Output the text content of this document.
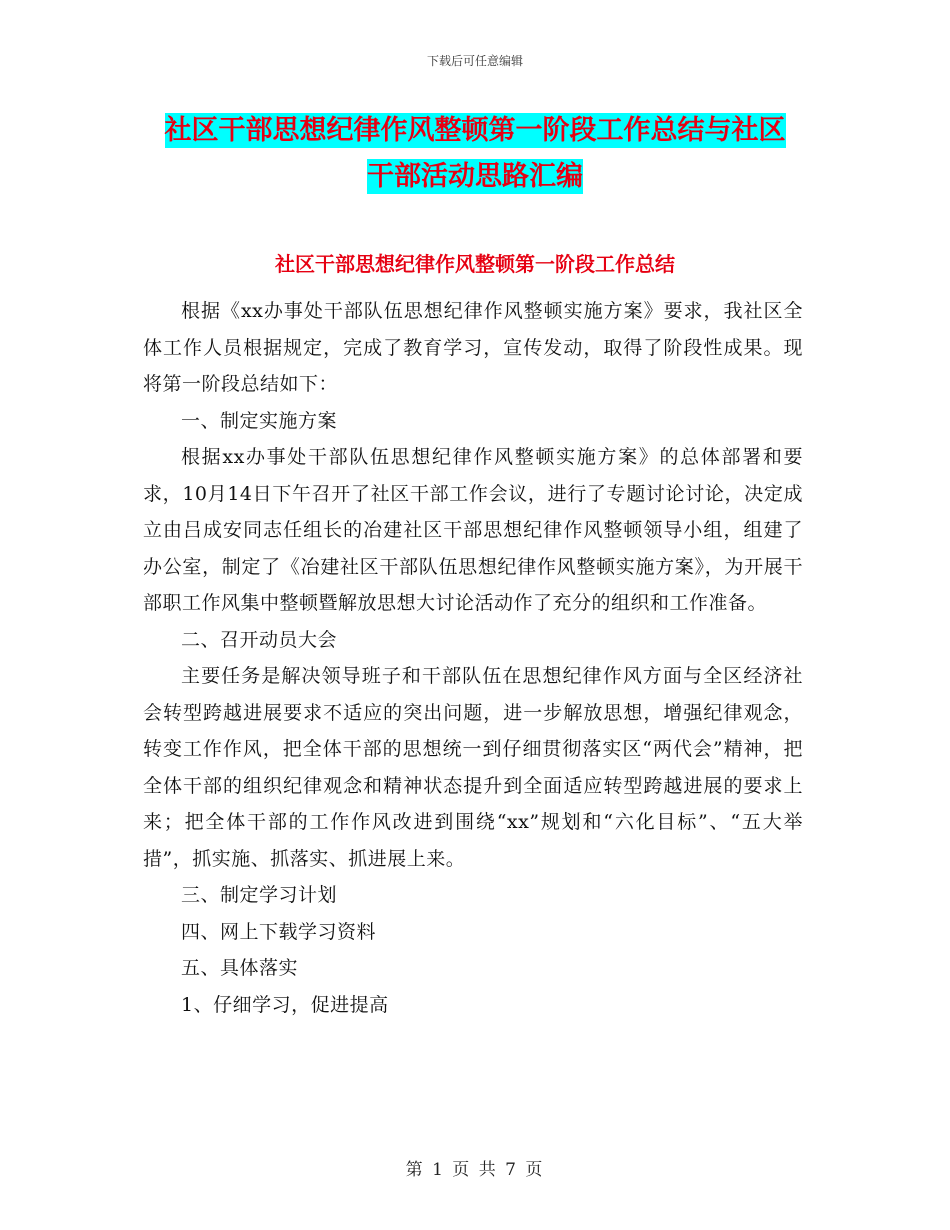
下载后可任意编辑
社区干部思想纪律作风整顿第一阶段工作总结与社区
干部活动思路汇编
社区干部思想纪律作风整顿第一阶段工作总结

根据《xx办事处干部队伍思想纪律作风整顿实施方案》要求，我社区全体工作人员根据规定，完成了教育学习，宣传发动，取得了阶段性成果。现将第一阶段总结如下：

一、制定实施方案

根据xx办事处干部队伍思想纪律作风整顿实施方案》的总体部署和要求，10月14日下午召开了社区干部工作会议，进行了专题讨论讨论，决定成立由吕成安同志任组长的冶建社区干部思想纪律作风整顿领导小组，组建了办公室，制定了《冶建社区干部队伍思想纪律作风整顿实施方案》，为开展干部职工作风集中整顿暨解放思想大讨论活动作了充分的组织和工作准备。

二、召开动员大会

主要任务是解决领导班子和干部队伍在思想纪律作风方面与全区经济社会转型跨越进展要求不适应的突出问题，进一步解放思想，增强纪律观念，转变工作作风，把全体干部的思想统一到仔细贯彻落实区“两代会”精神，把全体干部的组织纪律观念和精神状态提升到全面适应转型跨越进展的要求上来；把全体干部的工作作风改进到围绕“xx”规划和“六化目标”、“五大举措”，抓实施、抓落实、抓进展上来。

三、制定学习计划

四、网上下载学习资料

五、具体落实

1、仔细学习，促进提高

第 1 页 共 7 页
